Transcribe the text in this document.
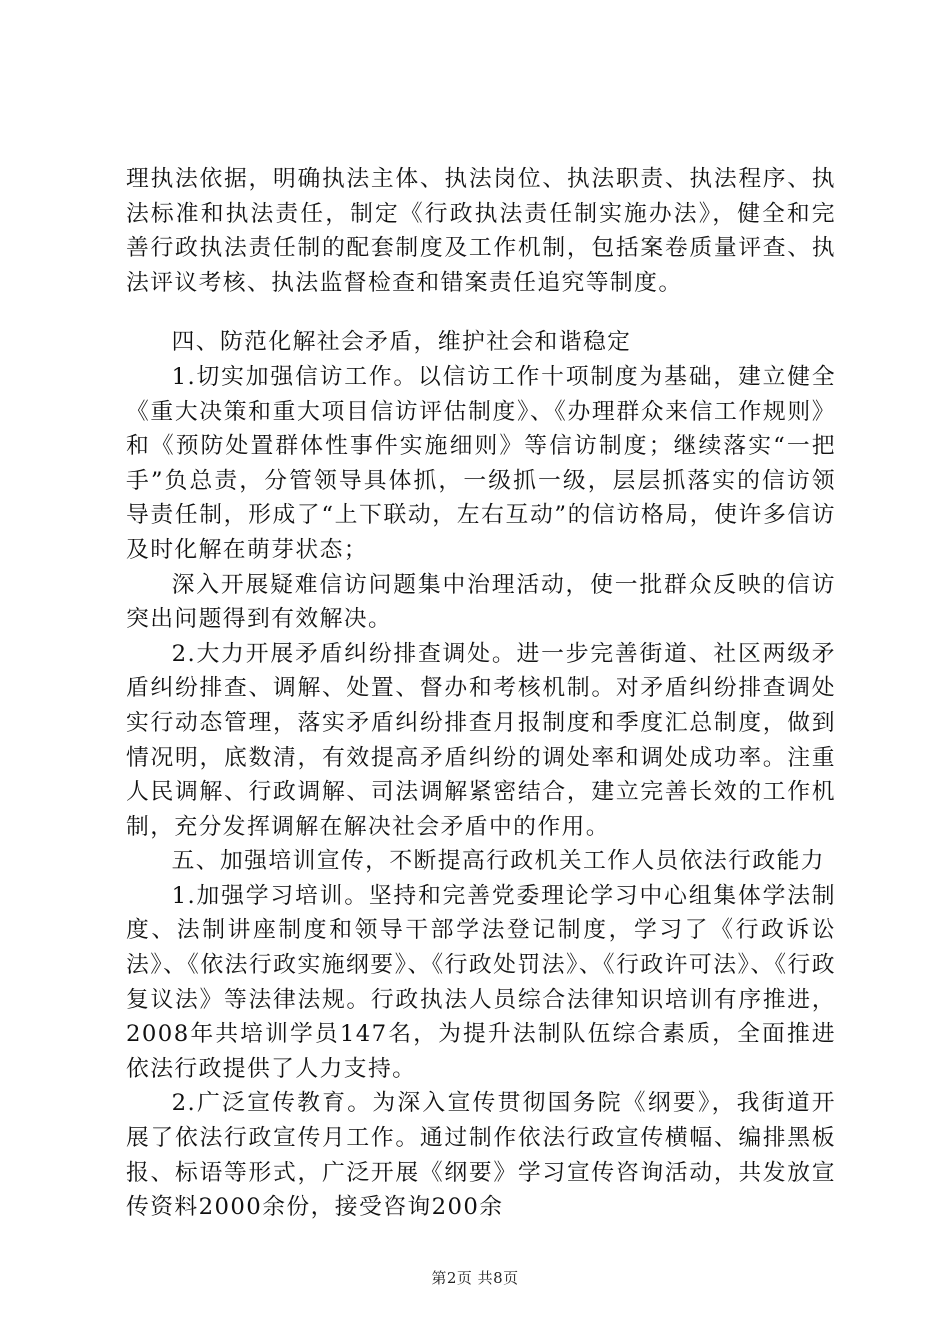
理执法依据，明确执法主体、执法岗位、执法职责、执法程序、执法标准和执法责任，制定《行政执法责任制实施办法》，健全和完善行政执法责任制的配套制度及工作机制，包括案卷质量评查、执法评议考核、执法监督检查和错案责任追究等制度。

四、防范化解社会矛盾，维护社会和谐稳定

1.切实加强信访工作。以信访工作十项制度为基础，建立健全《重大决策和重大项目信访评估制度》、《办理群众来信工作规则》和《预防处置群体性事件实施细则》等信访制度；继续落实“一把手”负总责，分管领导具体抓，一级抓一级，层层抓落实的信访领导责任制，形成了“上下联动，左右互动”的信访格局，使许多信访及时化解在萌芽状态；

深入开展疑难信访问题集中治理活动，使一批群众反映的信访突出问题得到有效解决。

2.大力开展矛盾纠纷排查调处。进一步完善街道、社区两级矛盾纠纷排查、调解、处置、督办和考核机制。对矛盾纠纷排查调处实行动态管理，落实矛盾纠纷排查月报制度和季度汇总制度，做到情况明，底数清，有效提高矛盾纠纷的调处率和调处成功率。注重人民调解、行政调解、司法调解紧密结合，建立完善长效的工作机制，充分发挥调解在解决社会矛盾中的作用。

五、加强培训宣传，不断提高行政机关工作人员依法行政能力

1.加强学习培训。坚持和完善党委理论学习中心组集体学法制度、法制讲座制度和领导干部学法登记制度，学习了《行政诉讼法》、《依法行政实施纲要》、《行政处罚法》、《行政许可法》、《行政复议法》等法律法规。行政执法人员综合法律知识培训有序推进，2008年共培训学员147名，为提升法制队伍综合素质，全面推进依法行政提供了人力支持。

2.广泛宣传教育。为深入宣传贯彻国务院《纲要》，我街道开展了依法行政宣传月工作。通过制作依法行政宣传横幅、编排黑板报、标语等形式，广泛开展《纲要》学习宣传咨询活动，共发放宣传资料2000余份，接受咨询200余

第2页 共8页
